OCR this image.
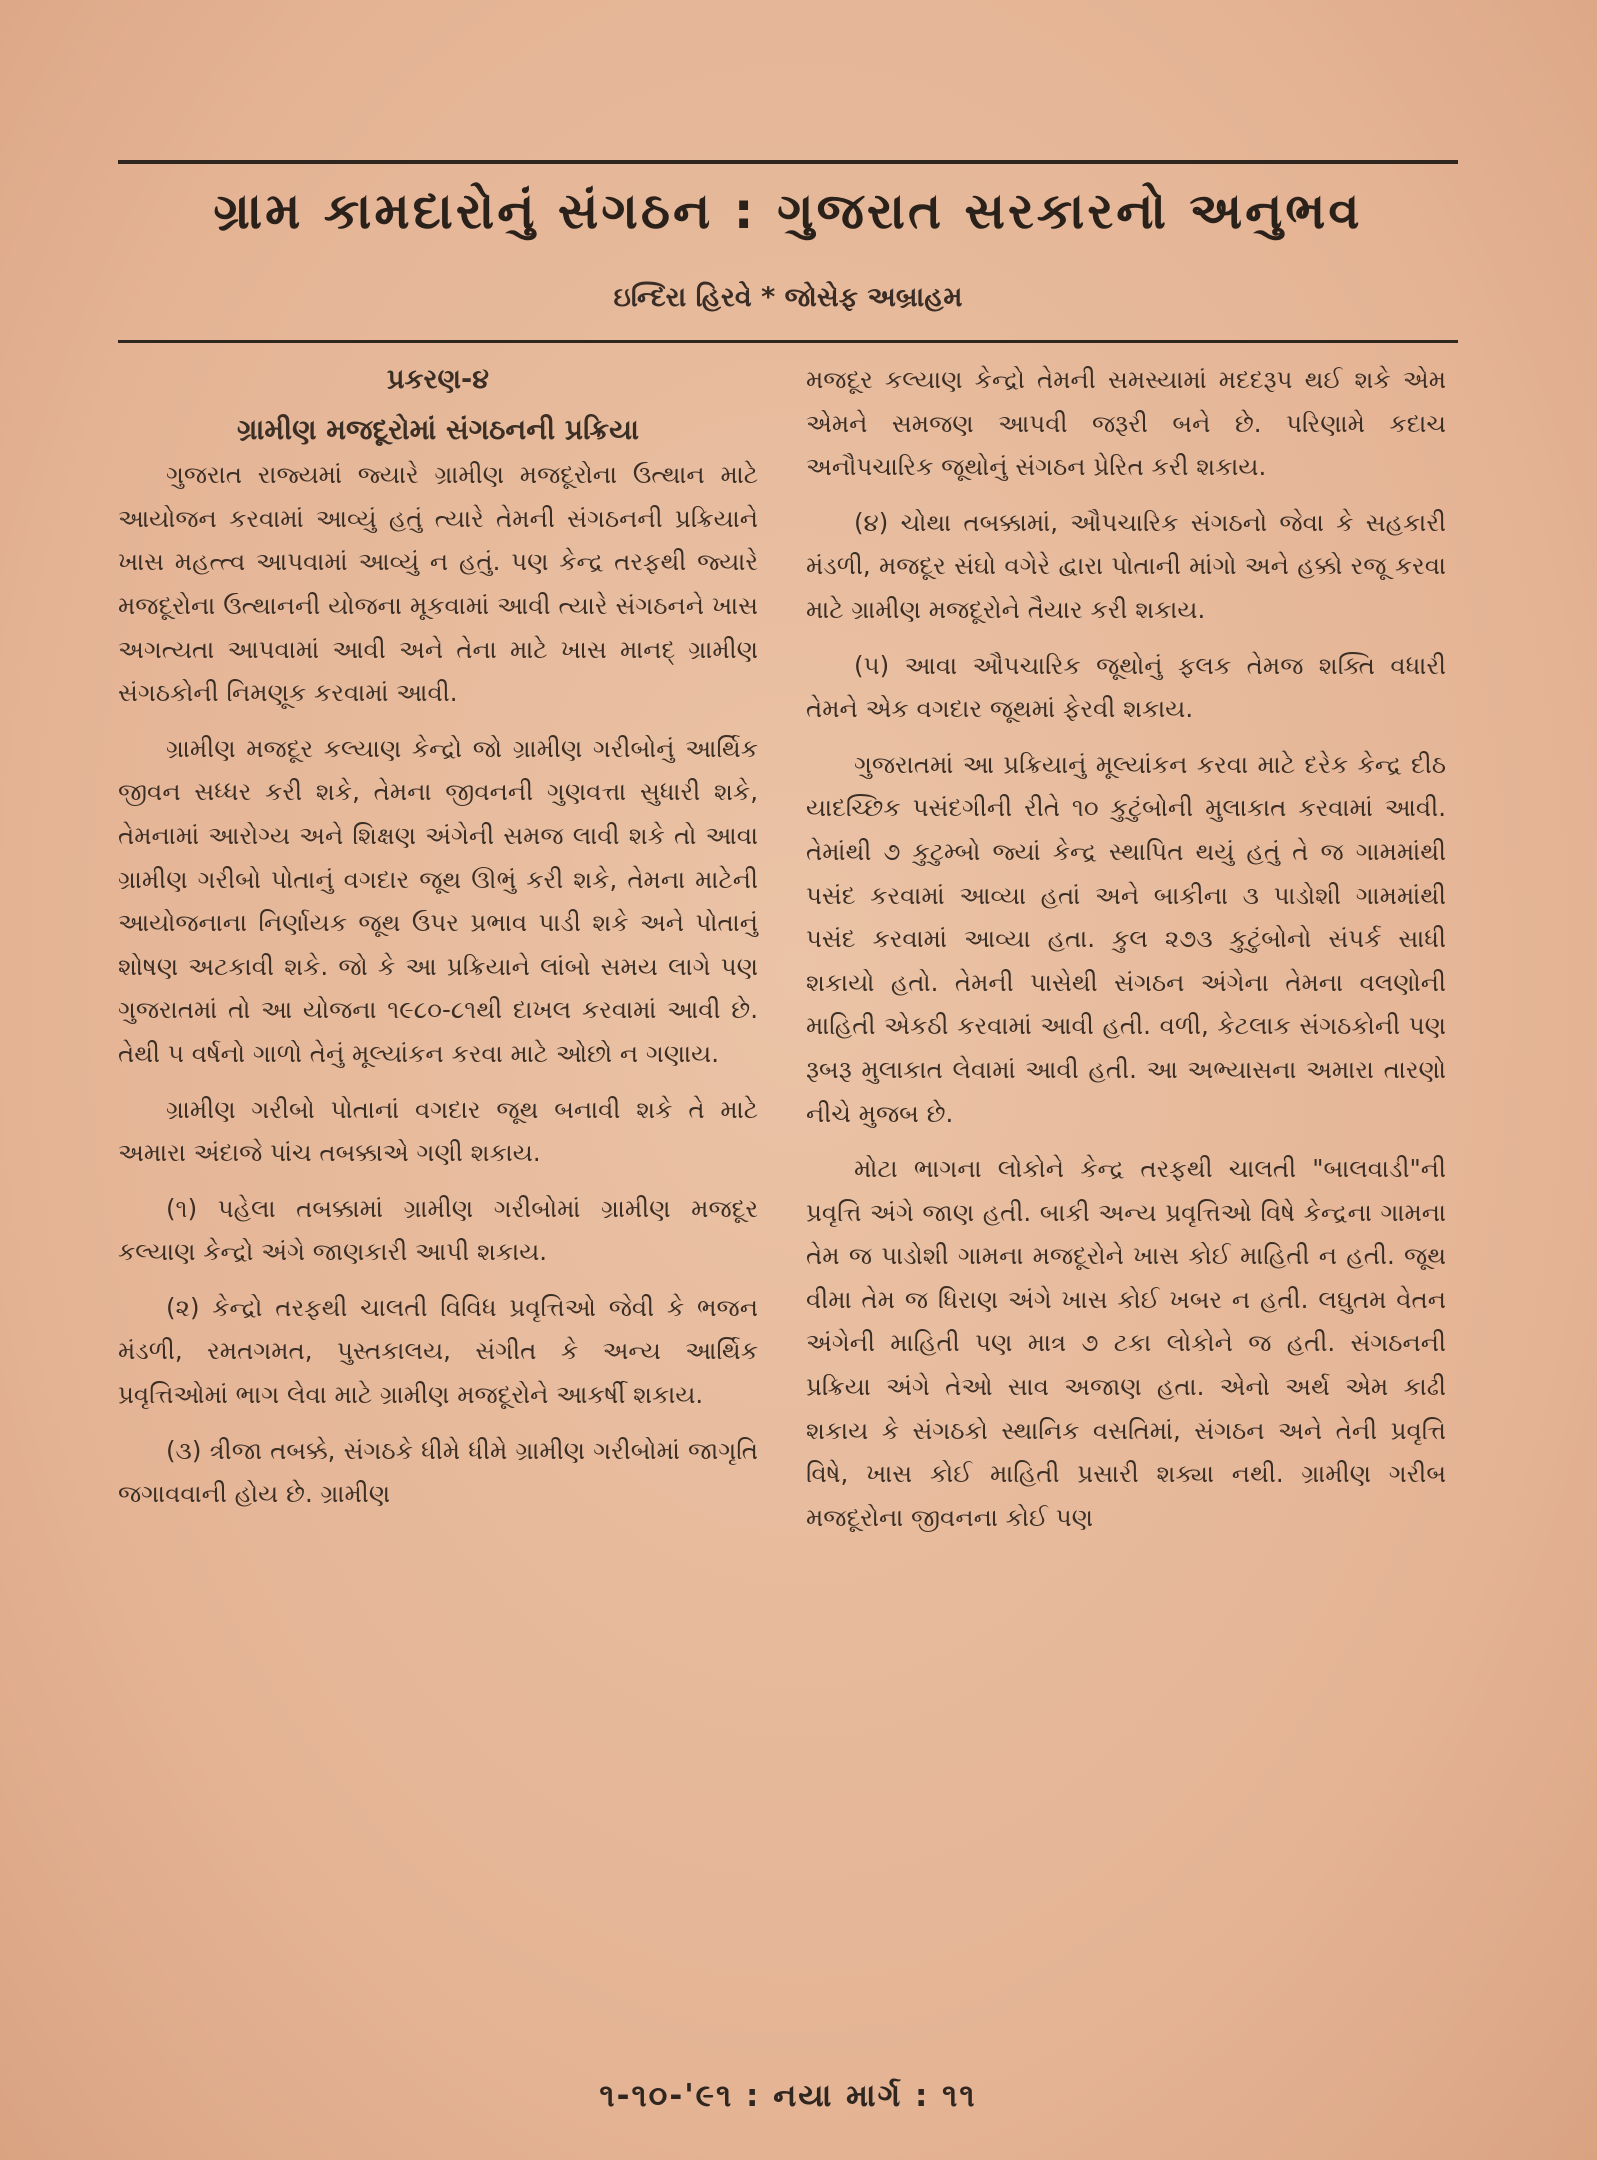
ગ્રામ કામદારોનું સંગઠન : ગુજરાત સરકારનો અનુભવ
ઇન્દિરા હિરવે * જોસેફ અબ્રાહમ
પ્રકરણ-૪
ગ્રામીણ મજદૂરોમાં સંગઠનની પ્રક્રિયા

ગુજરાત રાજ્યમાં જ્યારે ગ્રામીણ મજદૂરોના ઉત્થાન માટે આયોજન કરવામાં આવ્યું હતું ત્યારે તેમની સંગઠનની પ્રક્રિયાને ખાસ મહત્ત્વ આપવામાં આવ્યું ન હતું. પણ કેન્દ્ર તરફથી જ્યારે મજદૂરોના ઉત્થાનની યોજના મૂકવામાં આવી ત્યારે સંગઠનને ખાસ અગત્યતા આપવામાં આવી અને તેના માટે ખાસ માનદ્ ગ્રામીણ સંગઠકોની નિમણૂક કરવામાં આવી.

ગ્રામીણ મજદૂર કલ્યાણ કેન્દ્રો જો ગ્રામીણ ગરીબોનું આર્થિક જીવન સધ્ધર કરી શકે, તેમના જીવનની ગુણવત્તા સુધારી શકે, તેમનામાં આરોગ્ય અને શિક્ષણ અંગેની સમજ લાવી શકે તો આવા ગ્રામીણ ગરીબો પોતાનું વગદાર જૂથ ઊભું કરી શકે, તેમના માટેની આયોજનાના નિર્ણાયક જૂથ ઉપર પ્રભાવ પાડી શકે અને પોતાનું શોષણ અટકાવી શકે. જો કે આ પ્રક્રિયાને લાંબો સમય લાગે પણ ગુજરાતમાં તો આ યોજના ૧૯૮૦-૮૧થી દાખલ કરવામાં આવી છે. તેથી ૫ વર્ષનો ગાળો તેનું મૂલ્યાંકન કરવા માટે ઓછો ન ગણાય.

ગ્રામીણ ગરીબો પોતાનાં વગદાર જૂથ બનાવી શકે તે માટે અમારા અંદાજે પાંચ તબક્કાએ ગણી શકાય.

(૧) પહેલા તબક્કામાં ગ્રામીણ ગરીબોમાં ગ્રામીણ મજદૂર કલ્યાણ કેન્દ્રો અંગે જાણકારી આપી શકાય.

(૨) કેન્દ્રો તરફથી ચાલતી વિવિધ પ્રવૃત્તિઓ જેવી કે ભજન મંડળી, રમતગમત, પુસ્તકાલય, સંગીત કે અન્ય આર્થિક પ્રવૃત્તિઓમાં ભાગ લેવા માટે ગ્રામીણ મજદૂરોને આકર્ષી શકાય.

(૩) ત્રીજા તબક્કે, સંગઠકે ધીમે ધીમે ગ્રામીણ ગરીબોમાં જાગૃતિ જગાવવાની હોય છે. ગ્રામીણ

મજદૂર કલ્યાણ કેન્દ્રો તેમની સમસ્યામાં મદદરૂપ થઈ શકે એમ એમને સમજણ આપવી જરૂરી બને છે. પરિણામે કદાચ અનૌપચારિક જૂથોનું સંગઠન પ્રેરિત કરી શકાય.

(૪) ચોથા તબક્કામાં, ઔપચારિક સંગઠનો જેવા કે સહકારી મંડળી, મજદૂર સંઘો વગેરે દ્વારા પોતાની માંગો અને હક્કો રજૂ કરવા માટે ગ્રામીણ મજદૂરોને તૈયાર કરી શકાય.

(૫) આવા ઔપચારિક જૂથોનું ફલક તેમજ શક્તિ વધારી તેમને એક વગદાર જૂથમાં ફેરવી શકાય.

ગુજરાતમાં આ પ્રક્રિયાનું મૂલ્યાંકન કરવા માટે દરેક કેન્દ્ર દીઠ યાદચ્છિક પસંદગીની રીતે ૧૦ કુટુંબોની મુલાકાત કરવામાં આવી. તેમાંથી ૭ કુટુમ્બો જ્યાં કેન્દ્ર સ્થાપિત થયું હતું તે જ ગામમાંથી પસંદ કરવામાં આવ્યા હતાં અને બાકીના ૩ પાડોશી ગામમાંથી પસંદ કરવામાં આવ્યા હતા. કુલ ૨૭૩ કુટુંબોનો સંપર્ક સાધી શકાયો હતો. તેમની પાસેથી સંગઠન અંગેના તેમના વલણોની માહિતી એકઠી કરવામાં આવી હતી. વળી, કેટલાક સંગઠકોની પણ રૂબરૂ મુલાકાત લેવામાં આવી હતી. આ અભ્યાસના અમારા તારણો નીચે મુજબ છે.

મોટા ભાગના લોકોને કેન્દ્ર તરફથી ચાલતી "બાલવાડી"ની પ્રવૃત્તિ અંગે જાણ હતી. બાકી અન્ય પ્રવૃત્તિઓ વિષે કેન્દ્રના ગામના તેમ જ પાડોશી ગામના મજદૂરોને ખાસ કોઈ માહિતી ન હતી. જૂથ વીમા તેમ જ ધિરાણ અંગે ખાસ કોઈ ખબર ન હતી. લઘુતમ વેતન અંગેની માહિતી પણ માત્ર ૭ ટકા લોકોને જ હતી. સંગઠનની પ્રક્રિયા અંગે તેઓ સાવ અજાણ હતા. એનો અર્થ એમ કાઢી શકાય કે સંગઠકો સ્થાનિક વસતિમાં, સંગઠન અને તેની પ્રવૃત્તિ વિષે, ખાસ કોઈ માહિતી પ્રસારી શક્યા નથી. ગ્રામીણ ગરીબ મજદૂરોના જીવનના કોઈ પણ

૧-૧૦-'૯૧ : નયા માર્ગ : ૧૧
